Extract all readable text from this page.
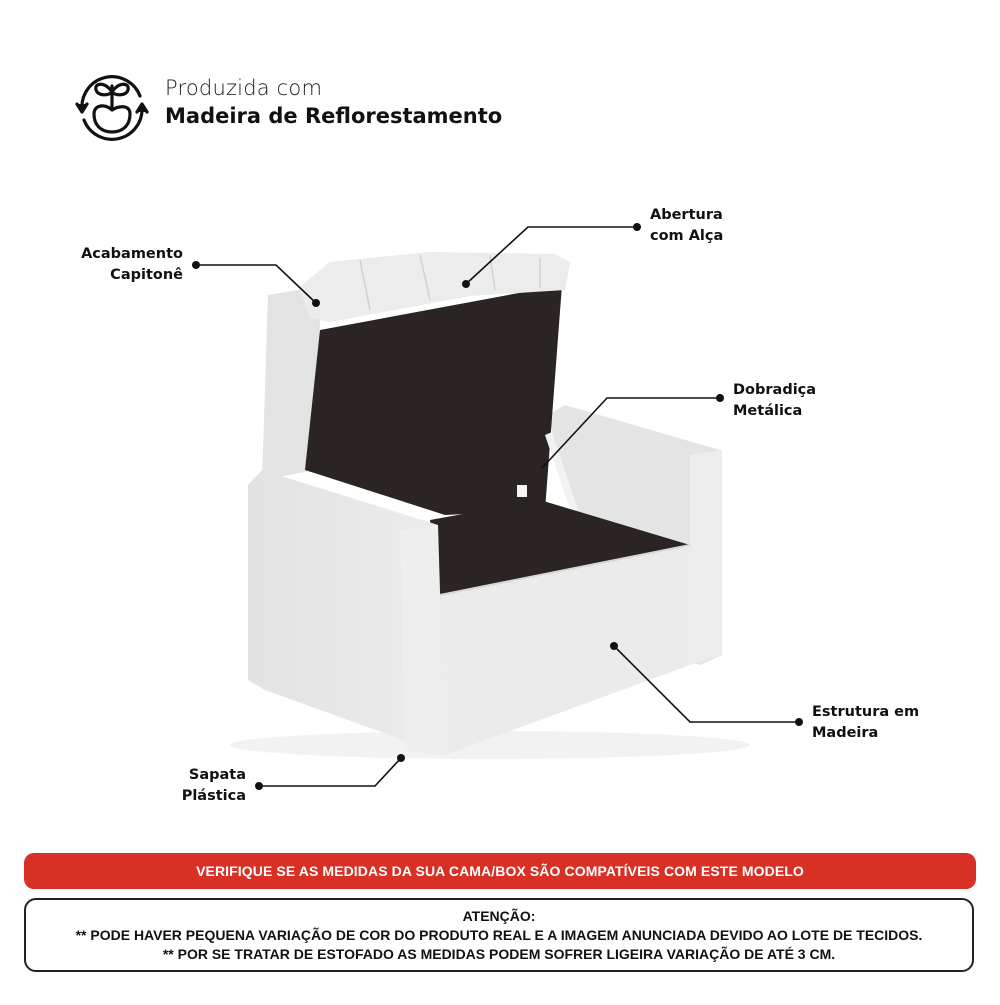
Produzida com
Madeira de Reflorestamento
Acabamento
Capitonê
Abertura
com Alça
Dobradiça
Metálica
Estrutura em
Madeira
Sapata
Plástica
VERIFIQUE SE AS MEDIDAS DA SUA CAMA/BOX SÃO COMPATÍVEIS COM ESTE MODELO
ATENÇÃO:
** PODE HAVER PEQUENA VARIAÇÃO DE COR DO PRODUTO REAL E A IMAGEM ANUNCIADA DEVIDO AO LOTE DE TECIDOS.
** POR SE TRATAR DE ESTOFADO AS MEDIDAS PODEM SOFRER LIGEIRA VARIAÇÃO DE ATÉ 3 CM.
